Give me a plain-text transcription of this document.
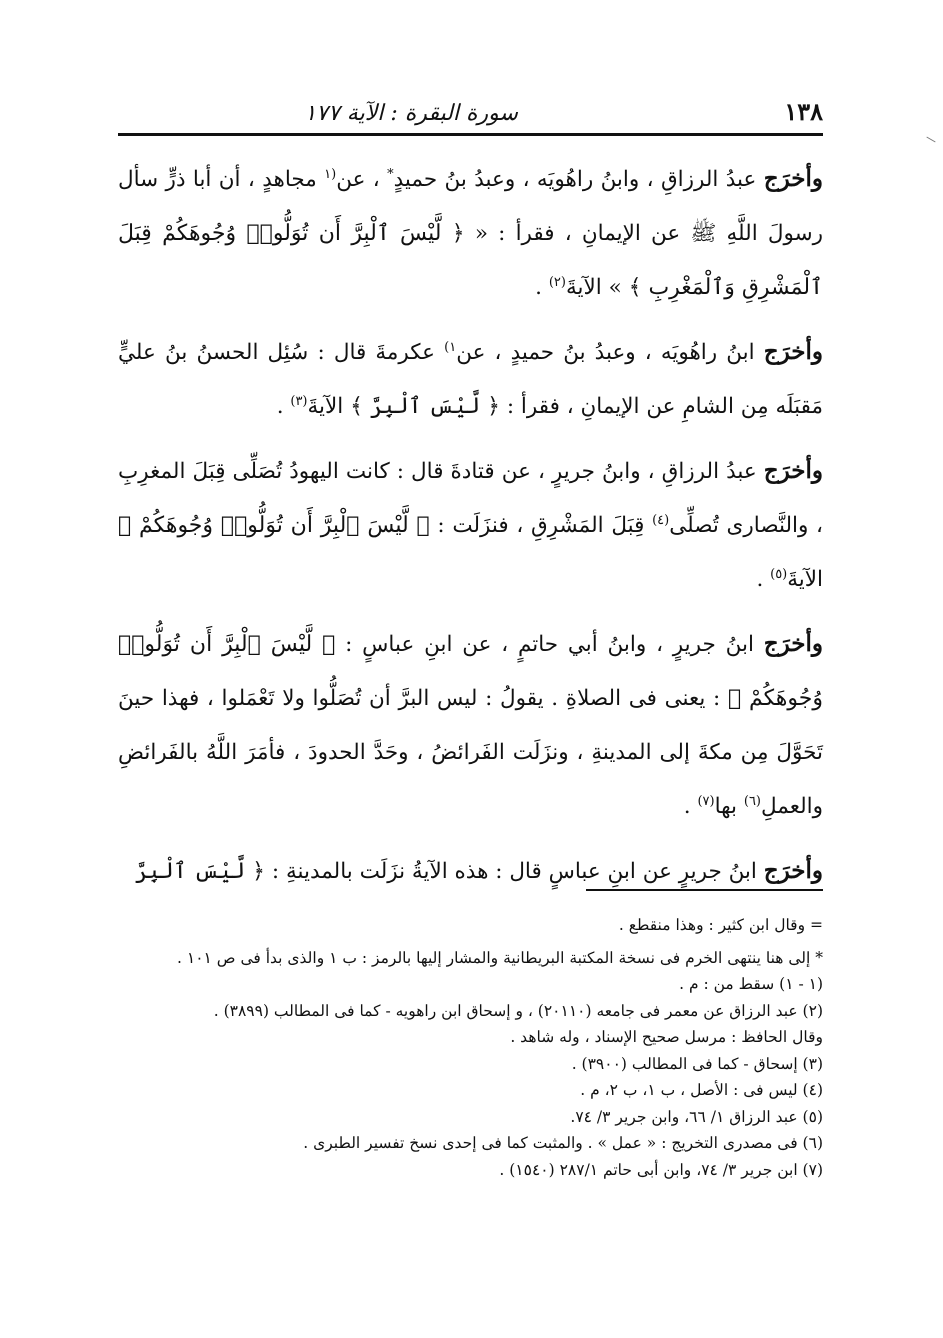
١٣٨
سورة البقرة : الآية ١٧٧

وأخرَج عبدُ الرزاقِ ، وابنُ راهُويَه ، وعبدُ بنُ حميدٍ* ، عن$^{(١}$ مجاهدٍ ، أن أبا ذرٍّ سأل رسولَ اللَّهِ ﷺ عن الإيمانِ ، فقرأ : « ﴿ لَّيْسَ ٱلْبِرَّ أَن تُوَلُّوا۟ وُجُوهَكُمْ قِبَلَ ٱلْمَشْرِقِ وَٱلْمَغْرِبِ ﴾ » الآيةَ$^{(٢)}$ .

وأخرَج ابنُ راهُويَه ، وعبدُ بنُ حميدٍ ، عن$^{١)}$ عكرمةَ قال : سُئِل الحسنُ بنُ عليٍّ مَقبَلَه مِن الشامِ عن الإيمانِ ، فقرأ : ﴿ لَّيْسَ ٱلْبِرَّ ﴾ الآيةَ$^{(٣)}$ .

وأخرَج عبدُ الرزاقِ ، وابنُ جريرٍ ، عن قتادةَ قال : كانت اليهودُ تُصَلِّى قِبَلَ المغرِبِ ، والنَّصارى تُصلِّى$^{(٤)}$ قِبَلَ المَشْرِقِ ، فنزَلَت : ﴿ لَّيْسَ ٱلْبِرَّ أَن تُوَلُّوا۟ وُجُوهَكُمْ ﴾ الآيةَ$^{(٥)}$ .

وأخرَج ابنُ جريرٍ ، وابنُ أبي حاتمٍ ، عن ابنِ عباسٍ : ﴿ لَّيْسَ ٱلْبِرَّ أَن تُوَلُّوا۟ وُجُوهَكُمْ ﴾ : يعنى فى الصلاةِ . يقولُ : ليس البرَّ أن تُصَلُّوا ولا تَعْمَلوا ، فهذا حينَ تَحَوَّلَ مِن مكةَ إلى المدينةِ ، ونزَلَت الفَرائضُ ، وحَدَّ الحدودَ ، فأمَرَ اللَّهُ بالفَرائضِ والعملِ$^{(٦)}$ بها$^{(٧)}$ .

وأخرَج ابنُ جريرٍ عن ابنِ عباسٍ قال : هذه الآيةُ نزَلَت بالمدينةِ : ﴿ لَّيْسَ ٱلْبِرَّ

= وقال ابن كثير : وهذا منقطع .

* إلى هنا ينتهى الخرم فى نسخة المكتبة البريطانية والمشار إليها بالرمز : ب ١ والذى بدأ فى ص ١٠١ .

(١ - ١) سقط من : م .

(٢) عبد الرزاق عن معمر فى جامعه (٢٠١١٠) ، و إسحاق ابن راهويه - كما فى المطالب (٣٨٩٩) .

وقال الحافظ : مرسل صحيح الإسناد ، وله شاهد .

(٣) إسحاق - كما فى المطالب (٣٩٠٠) .

(٤) ليس فى : الأصل ، ب ١، ب ٢، م .

(٥) عبد الرزاق ١/ ٦٦، وابن جرير ٣/ ٧٤.

(٦) فى مصدرى التخريج : « عمل » . والمثبت كما فى إحدى نسخ تفسير الطبرى .

(٧) ابن جرير ٣/ ٧٤، وابن أبى حاتم ٢٨٧/١ (١٥٤٠) .
